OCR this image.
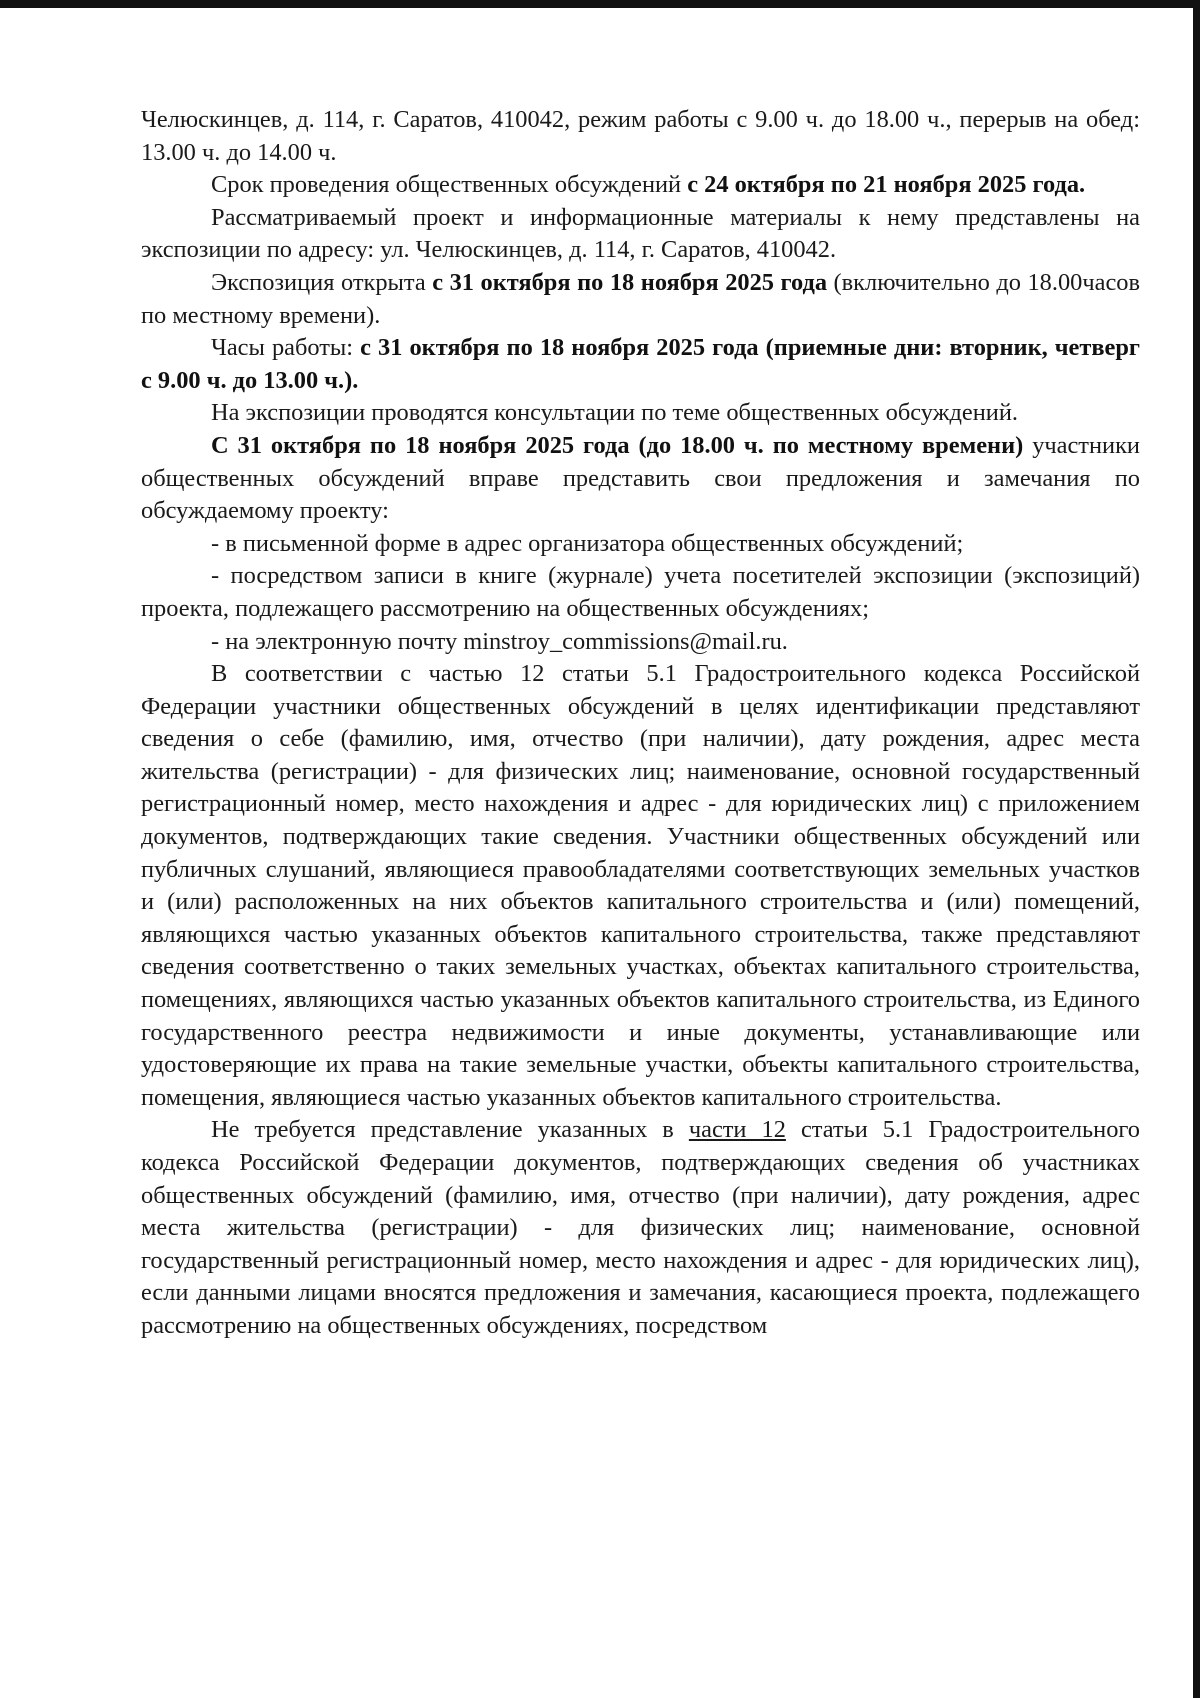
Челюскинцев, д. 114, г. Саратов, 410042, режим работы с 9.00 ч. до 18.00 ч., перерыв на обед: 13.00 ч. до 14.00 ч.

Срок проведения общественных обсуждений с 24 октября по 21 ноября 2025 года.

Рассматриваемый проект и информационные материалы к нему представлены на экспозиции по адресу: ул. Челюскинцев, д. 114, г. Саратов, 410042.

Экспозиция открыта с 31 октября по 18 ноября 2025 года (включительно до 18.00часов по местному времени).

Часы работы: с 31 октября по 18 ноября 2025 года (приемные дни: вторник, четверг с 9.00 ч. до 13.00 ч.).

На экспозиции проводятся консультации по теме общественных обсуждений.

С 31 октября по 18 ноября 2025 года (до 18.00 ч. по местному времени) участники общественных обсуждений вправе представить свои предложения и замечания по обсуждаемому проекту:

- в письменной форме в адрес организатора общественных обсуждений;

- посредством записи в книге (журнале) учета посетителей экспозиции (экспозиций) проекта, подлежащего рассмотрению на общественных обсуждениях;

- на электронную почту minstroy_commissions@mail.ru.

В соответствии с частью 12 статьи 5.1 Градостроительного кодекса Российской Федерации участники общественных обсуждений в целях идентификации представляют сведения о себе (фамилию, имя, отчество (при наличии), дату рождения, адрес места жительства (регистрации) - для физических лиц; наименование, основной государственный регистрационный номер, место нахождения и адрес - для юридических лиц) с приложением документов, подтверждающих такие сведения. Участники общественных обсуждений или публичных слушаний, являющиеся правообладателями соответствующих земельных участков и (или) расположенных на них объектов капитального строительства и (или) помещений, являющихся частью указанных объектов капитального строительства, также представляют сведения соответственно о таких земельных участках, объектах капитального строительства, помещениях, являющихся частью указанных объектов капитального строительства, из Единого государственного реестра недвижимости и иные документы, устанавливающие или удостоверяющие их права на такие земельные участки, объекты капитального строительства, помещения, являющиеся частью указанных объектов капитального строительства.

Не требуется представление указанных в части 12 статьи 5.1 Градостроительного кодекса Российской Федерации документов, подтверждающих сведения об участниках общественных обсуждений (фамилию, имя, отчество (при наличии), дату рождения, адрес места жительства (регистрации) - для физических лиц; наименование, основной государственный регистрационный номер, место нахождения и адрес - для юридических лиц), если данными лицами вносятся предложения и замечания, касающиеся проекта, подлежащего рассмотрению на общественных обсуждениях, посредством
